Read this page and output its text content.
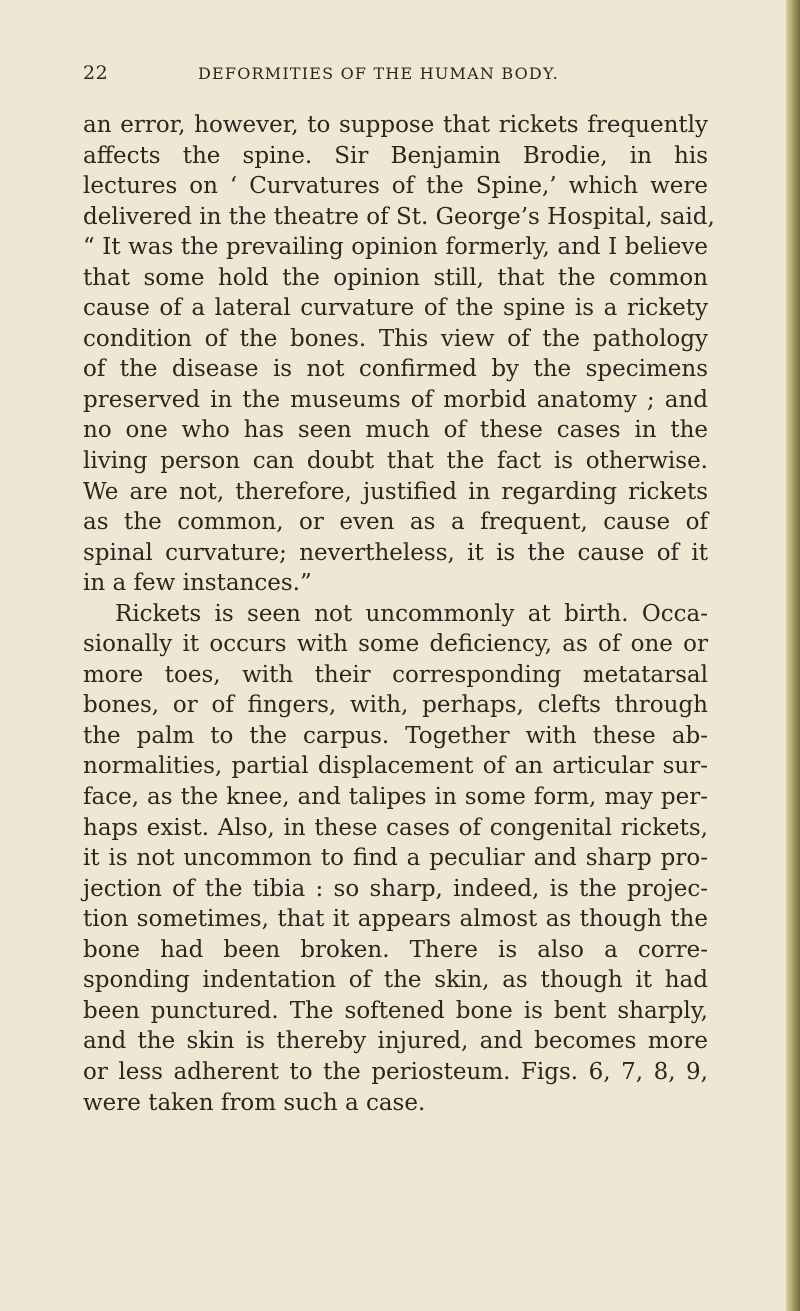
22	DEFORMITIES OF THE HUMAN BODY.
an error, however, to suppose that rickets frequently
affects the spine. Sir Benjamin Brodie, in his
lectures on ‘ Curvatures of the Spine,’ which were
delivered in the theatre of St. George’s Hospital, said,
“ It was the prevailing opinion formerly, and I believe
that some hold the opinion still, that the common
cause of a lateral curvature of the spine is a rickety
condition of the bones. This view of the pathology
of the disease is not confirmed by the specimens
preserved in the museums of morbid anatomy ; and
no one who has seen much of these cases in the
living person can doubt that the fact is otherwise.
We are not, therefore, justified in regarding rickets
as the common, or even as a frequent, cause of
spinal curvature; nevertheless, it is the cause of it
in a few instances.”
Rickets is seen not uncommonly at birth. Occa-
sionally it occurs with some deficiency, as of one or
more toes, with their corresponding metatarsal
bones, or of fingers, with, perhaps, clefts through
the palm to the carpus. Together with these ab-
normalities, partial displacement of an articular sur-
face, as the knee, and talipes in some form, may per-
haps exist. Also, in these cases of congenital rickets,
it is not uncommon to find a peculiar and sharp pro-
jection of the tibia : so sharp, indeed, is the projec-
tion sometimes, that it appears almost as though the
bone had been broken. There is also a corre-
sponding indentation of the skin, as though it had
been punctured. The softened bone is bent sharply,
and the skin is thereby injured, and becomes more
or less adherent to the periosteum. Figs. 6, 7, 8, 9,
were taken from such a case.
